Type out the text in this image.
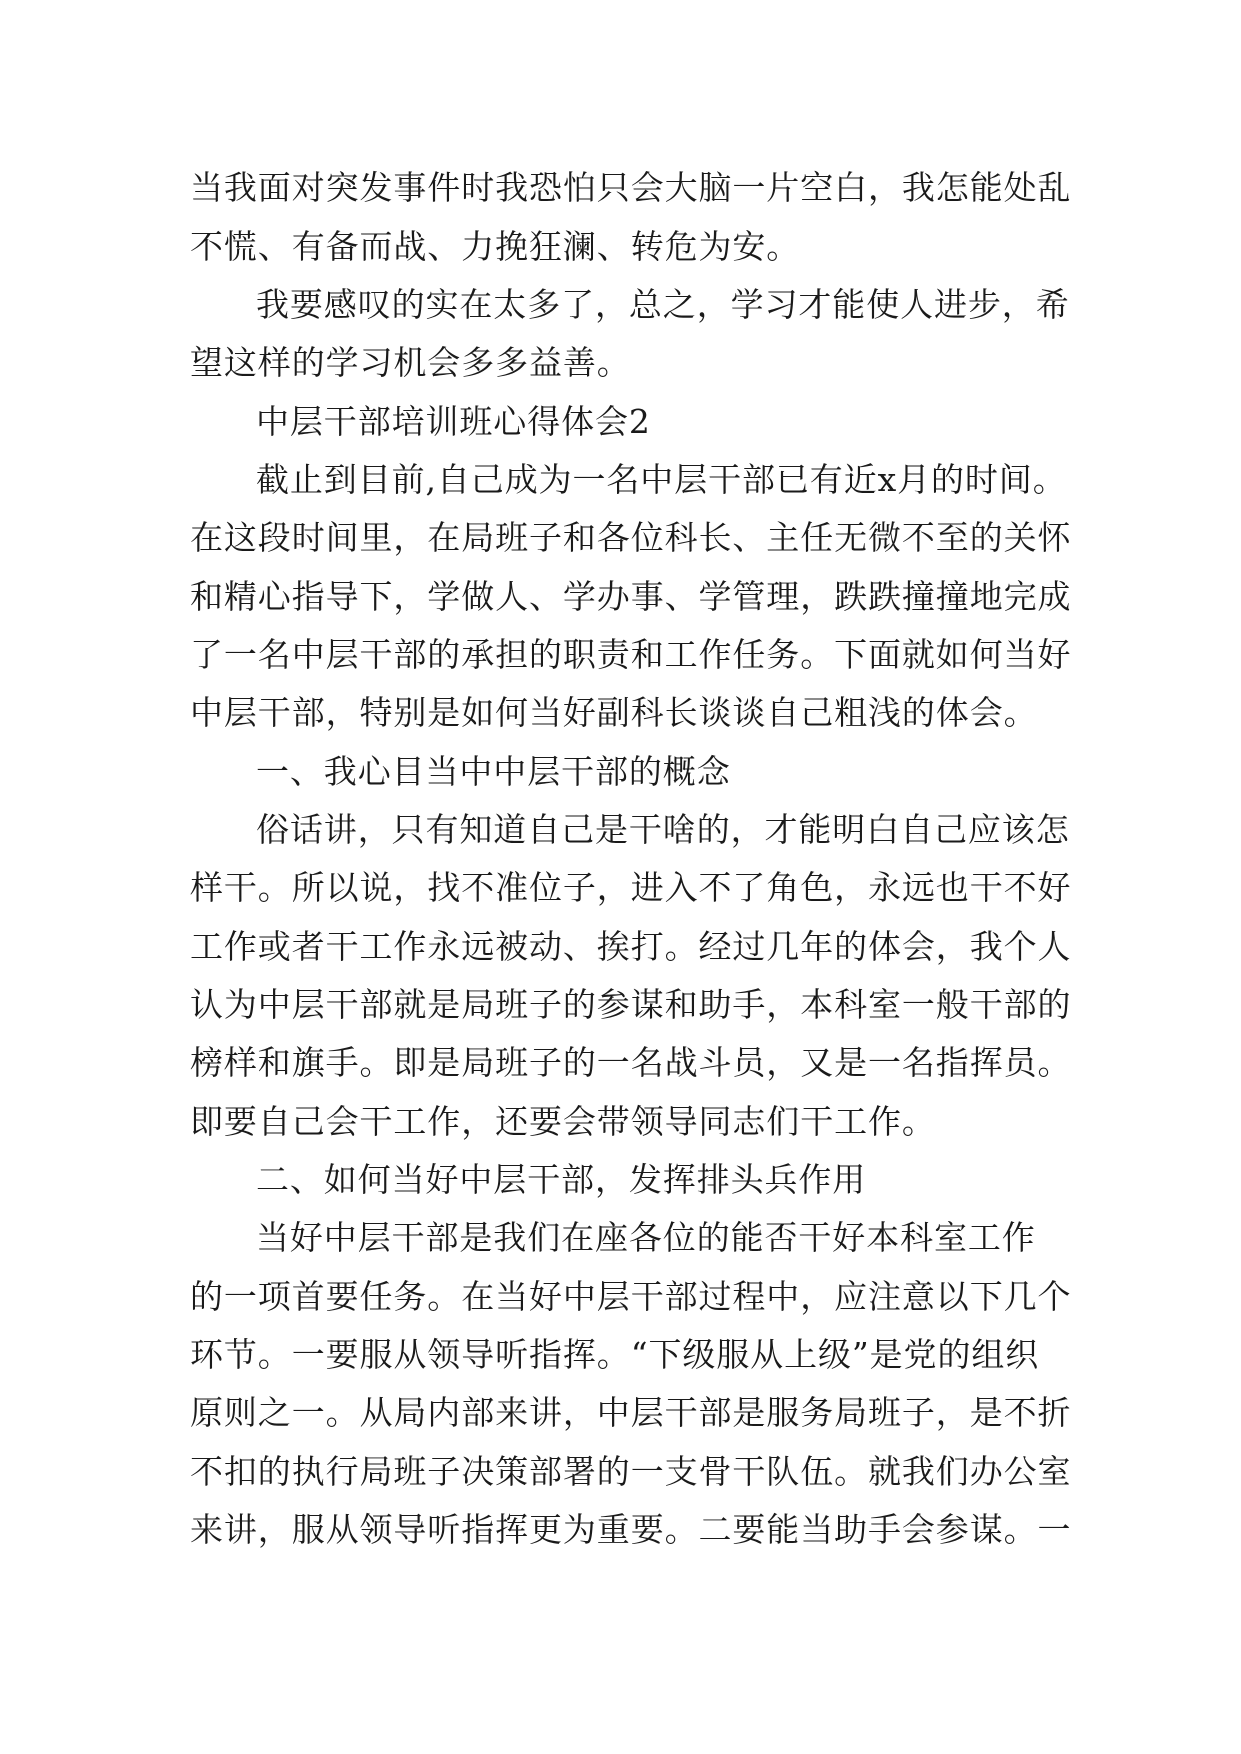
当我面对突发事件时我恐怕只会大脑一片空白，我怎能处乱
不慌、有备而战、力挽狂澜、转危为安。
我要感叹的实在太多了，总之，学习才能使人进步，希
望这样的学习机会多多益善。
中层干部培训班心得体会2
截止到目前,自己成为一名中层干部已有近x月的时间。
在这段时间里，在局班子和各位科长、主任无微不至的关怀
和精心指导下，学做人、学办事、学管理，跌跌撞撞地完成
了一名中层干部的承担的职责和工作任务。下面就如何当好
中层干部，特别是如何当好副科长谈谈自己粗浅的体会。
一、我心目当中中层干部的概念
俗话讲，只有知道自己是干啥的，才能明白自己应该怎
样干。所以说，找不准位子，进入不了角色，永远也干不好
工作或者干工作永远被动、挨打。经过几年的体会，我个人
认为中层干部就是局班子的参谋和助手，本科室一般干部的
榜样和旗手。即是局班子的一名战斗员，又是一名指挥员。
即要自己会干工作，还要会带领导同志们干工作。
二、如何当好中层干部，发挥排头兵作用
当好中层干部是我们在座各位的能否干好本科室工作
的一项首要任务。在当好中层干部过程中，应注意以下几个
环节。一要服从领导听指挥。“下级服从上级”是党的组织
原则之一。从局内部来讲，中层干部是服务局班子，是不折
不扣的执行局班子决策部署的一支骨干队伍。就我们办公室
来讲，服从领导听指挥更为重要。二要能当助手会参谋。一
